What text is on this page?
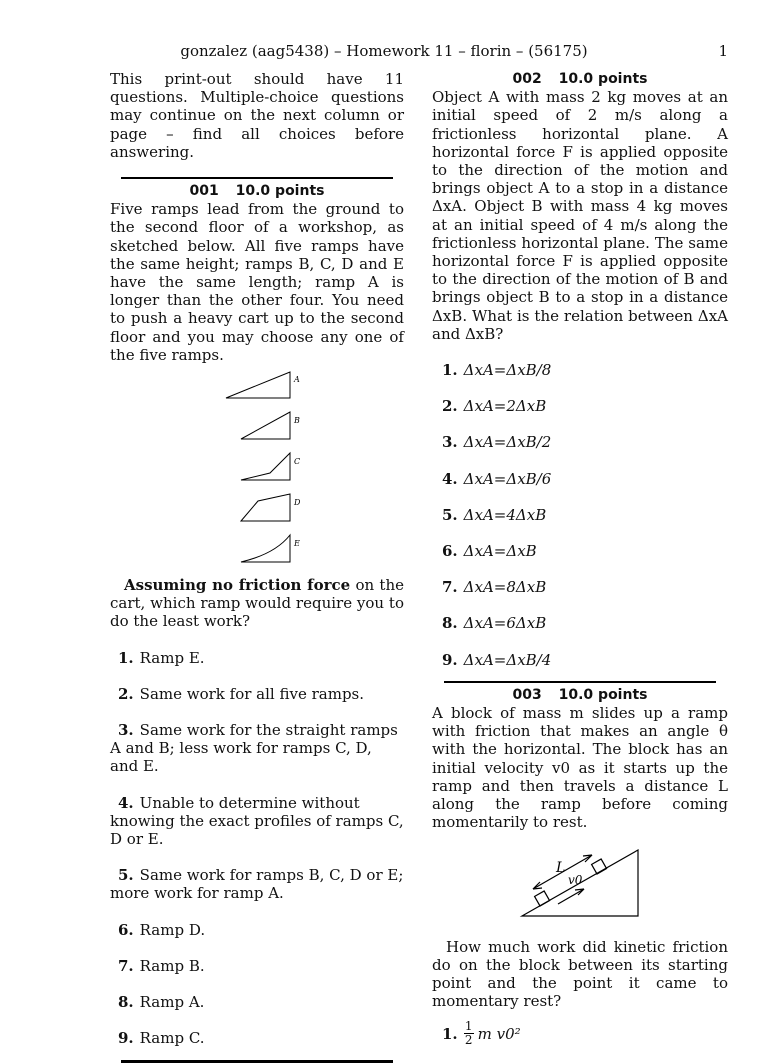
gonzalez (aag5438) – Homework 11 – florin – (56175)	1

This print-out should have 11 questions. Multiple-choice questions may continue on the next column or page – find all choices before answering.

001 10.0 points

Five ramps lead from the ground to the second floor of a workshop, as sketched below. All five ramps have the same height; ramps B, C, D and E have the same length; ramp A is longer than the other four. You need to push a heavy cart up to the second floor and you may choose any one of the five ramps.

A
B
C
D
E

Assuming no friction force on the cart, which ramp would require you to do the least work?

1. Ramp E.

2. Same work for all five ramps.

3. Same work for the straight ramps A and B; less work for ramps C, D, and E.

4. Unable to determine without knowing the exact profiles of ramps C, D or E.

5. Same work for ramps B, C, D or E; more work for ramp A.

6. Ramp D.

7. Ramp B.

8. Ramp A.

9. Ramp C.

002 10.0 points

Object A with mass 2 kg moves at an initial speed of 2 m/s along a frictionless horizontal plane. A horizontal force F is applied opposite to the direction of the motion and brings object A to a stop in a distance ΔxA. Object B with mass 4 kg moves at an initial speed of 4 m/s along the frictionless horizontal plane. The same horizontal force F is applied opposite to the direction of the motion of B and brings object B to a stop in a distance ΔxB. What is the relation between ΔxA and ΔxB?

1. ΔxA=ΔxB/8

2. ΔxA=2ΔxB

3. ΔxA=ΔxB/2

4. ΔxA=ΔxB/6

5. ΔxA=4ΔxB

6. ΔxA=ΔxB

7. ΔxA=8ΔxB

8. ΔxA=6ΔxB

9. ΔxA=ΔxB/4

003 10.0 points

A block of mass m slides up a ramp with friction that makes an angle θ with the horizontal. The block has an initial velocity v0 as it starts up the ramp and then travels a distance L along the ramp before coming momentarily to rest.

L
v0

How much work did kinetic friction do on the block between its starting point and the point it came to momentary rest?

1. 1
2 m v0²
